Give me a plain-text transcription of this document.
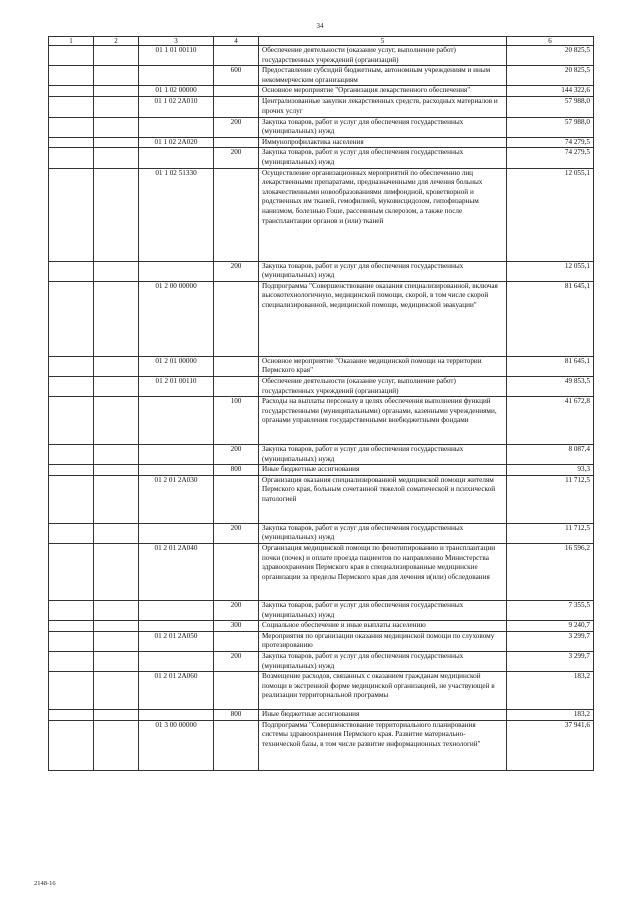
34
1	2	3	4	5	6
		01 1 01 00110		Обеспечение деятельности (оказание услуг, выполнение работ) государственных учреждений (организаций)	20 825,5
			600	Предоставление субсидий бюджетным, автономным учреждениям и иным некоммерческим организациям	20 825,5
		01 1 02 00000		Основное мероприятие "Организация лекарственного обеспечения"	144 322,6
		01 1 02 2А010		Централизованные закупки лекарственных средств, расходных материалов и прочих услуг	57 988,0
			200	Закупка товаров, работ и услуг для обеспечения государственных (муниципальных) нужд	57 988,0
		01 1 02 2А020		Иммунопрофилактика населения	74 279,5
			200	Закупка товаров, работ и услуг для обеспечения государственных (муниципальных) нужд	74 279,5
		01 1 02 51330		Осуществление организационных мероприятий по обеспечению лиц лекарственными препаратами, предназначенными для лечения больных злокачественными новообразованиями лимфоидной, кроветворной и родственных им тканей, гемофилией, муковисцидозом, гипофизарным нанизмом, болезнью Гоше, рассеянным склерозом, а также после трансплантации органов и (или) тканей	12 055,1
			200	Закупка товаров, работ и услуг для обеспечения государственных (муниципальных) нужд	12 055,1
		01 2 00 00000		Подпрограмма "Совершенствование оказания специализированной, включая высокотехнологичную, медицинской помощи, скорой, в том числе скорой специализированной, медицинской помощи, медицинской эвакуации"	81 645,1
		01 2 01 00000		Основное мероприятие "Оказание медицинской помощи на территории Пермского края"	81 645,1
		01 2 01 00110		Обеспечение деятельности (оказание услуг, выполнение работ) государственных учреждений (организаций)	49 853,5
			100	Расходы на выплаты персоналу в целях обеспечения выполнения функций государственными (муниципальными) органами, казенными учреждениями, органами управления государственными внебюджетными фондами	41 672,8
			200	Закупка товаров, работ и услуг для обеспечения государственных (муниципальных) нужд	8 087,4
			800	Иные бюджетные ассигнования	93,3
		01 2 01 2А030		Организация оказания специализированной медицинской помощи жителям Пермского края, больным сочетанной тяжелой соматической и психической патологией	11 712,5
			200	Закупка товаров, работ и услуг для обеспечения государственных (муниципальных) нужд	11 712,5
		01 2 01 2А040		Организация медицинской помощи по фенотипированию и трансплантации почки (почек) и оплате проезда пациентов по направлению Министерства здравоохранения Пермского края в специализированные медицинские организации за пределы Пермского края для лечения и(или) обследования	16 596,2
			200	Закупка товаров, работ и услуг для обеспечения государственных (муниципальных) нужд	7 355,5
			300	Социальное обеспечение и иные выплаты населению	9 240,7
		01 2 01 2А050		Мероприятия по организации оказания медицинской помощи по слуховому протезированию	3 299,7
			200	Закупка товаров, работ и услуг для обеспечения государственных (муниципальных) нужд	3 299,7
		01 2 01 2А060		Возмещение расходов, связанных с оказанием гражданам медицинской помощи в экстренной форме медицинской организацией, не участвующей в реализации территориальной программы	183,2
			800	Иные бюджетные ассигнования	183,2
		01 3 00 00000		Подпрограмма "Совершенствование территориального планирования системы здравоохранения Пермского края. Развитие материально-технической базы, в том числе развитие информационных технологий"	37 941,6
2148-16
